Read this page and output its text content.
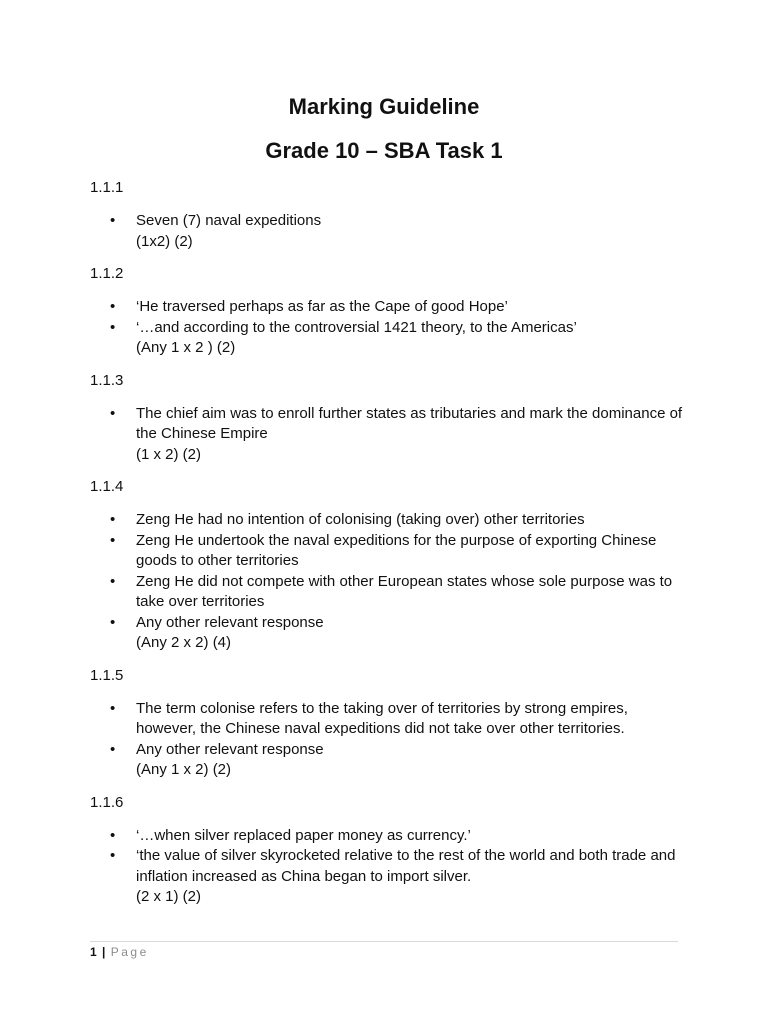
Marking Guideline
Grade 10 – SBA Task 1
1.1.1
•	Seven (7) naval expeditions
(1x2) (2)
1.1.2
•	‘He traversed perhaps as far as the Cape of good Hope’
•	‘…and according to the controversial 1421 theory, to the Americas’
(Any 1 x 2 ) (2)
1.1.3
•	The chief aim was to enroll further states as tributaries and mark the dominance of the Chinese Empire
(1 x 2) (2)
1.1.4
•	Zeng He had no intention of colonising (taking over) other territories
•	Zeng He undertook the naval expeditions for the purpose of exporting Chinese goods to other territories
•	Zeng He did not compete with other European states whose sole purpose was to take over territories
•	Any other relevant response
(Any 2 x 2) (4)
1.1.5
•	The term colonise refers to the taking over of territories by strong empires, however, the Chinese naval expeditions did not take over other territories.
•	Any other relevant response
(Any 1 x 2) (2)
1.1.6
•	‘…when silver replaced paper money as currency.’
•	‘the value of silver skyrocketed relative to the rest of the world and both trade and inflation increased as China began to import silver.
(2 x 1) (2)
1 | Page
